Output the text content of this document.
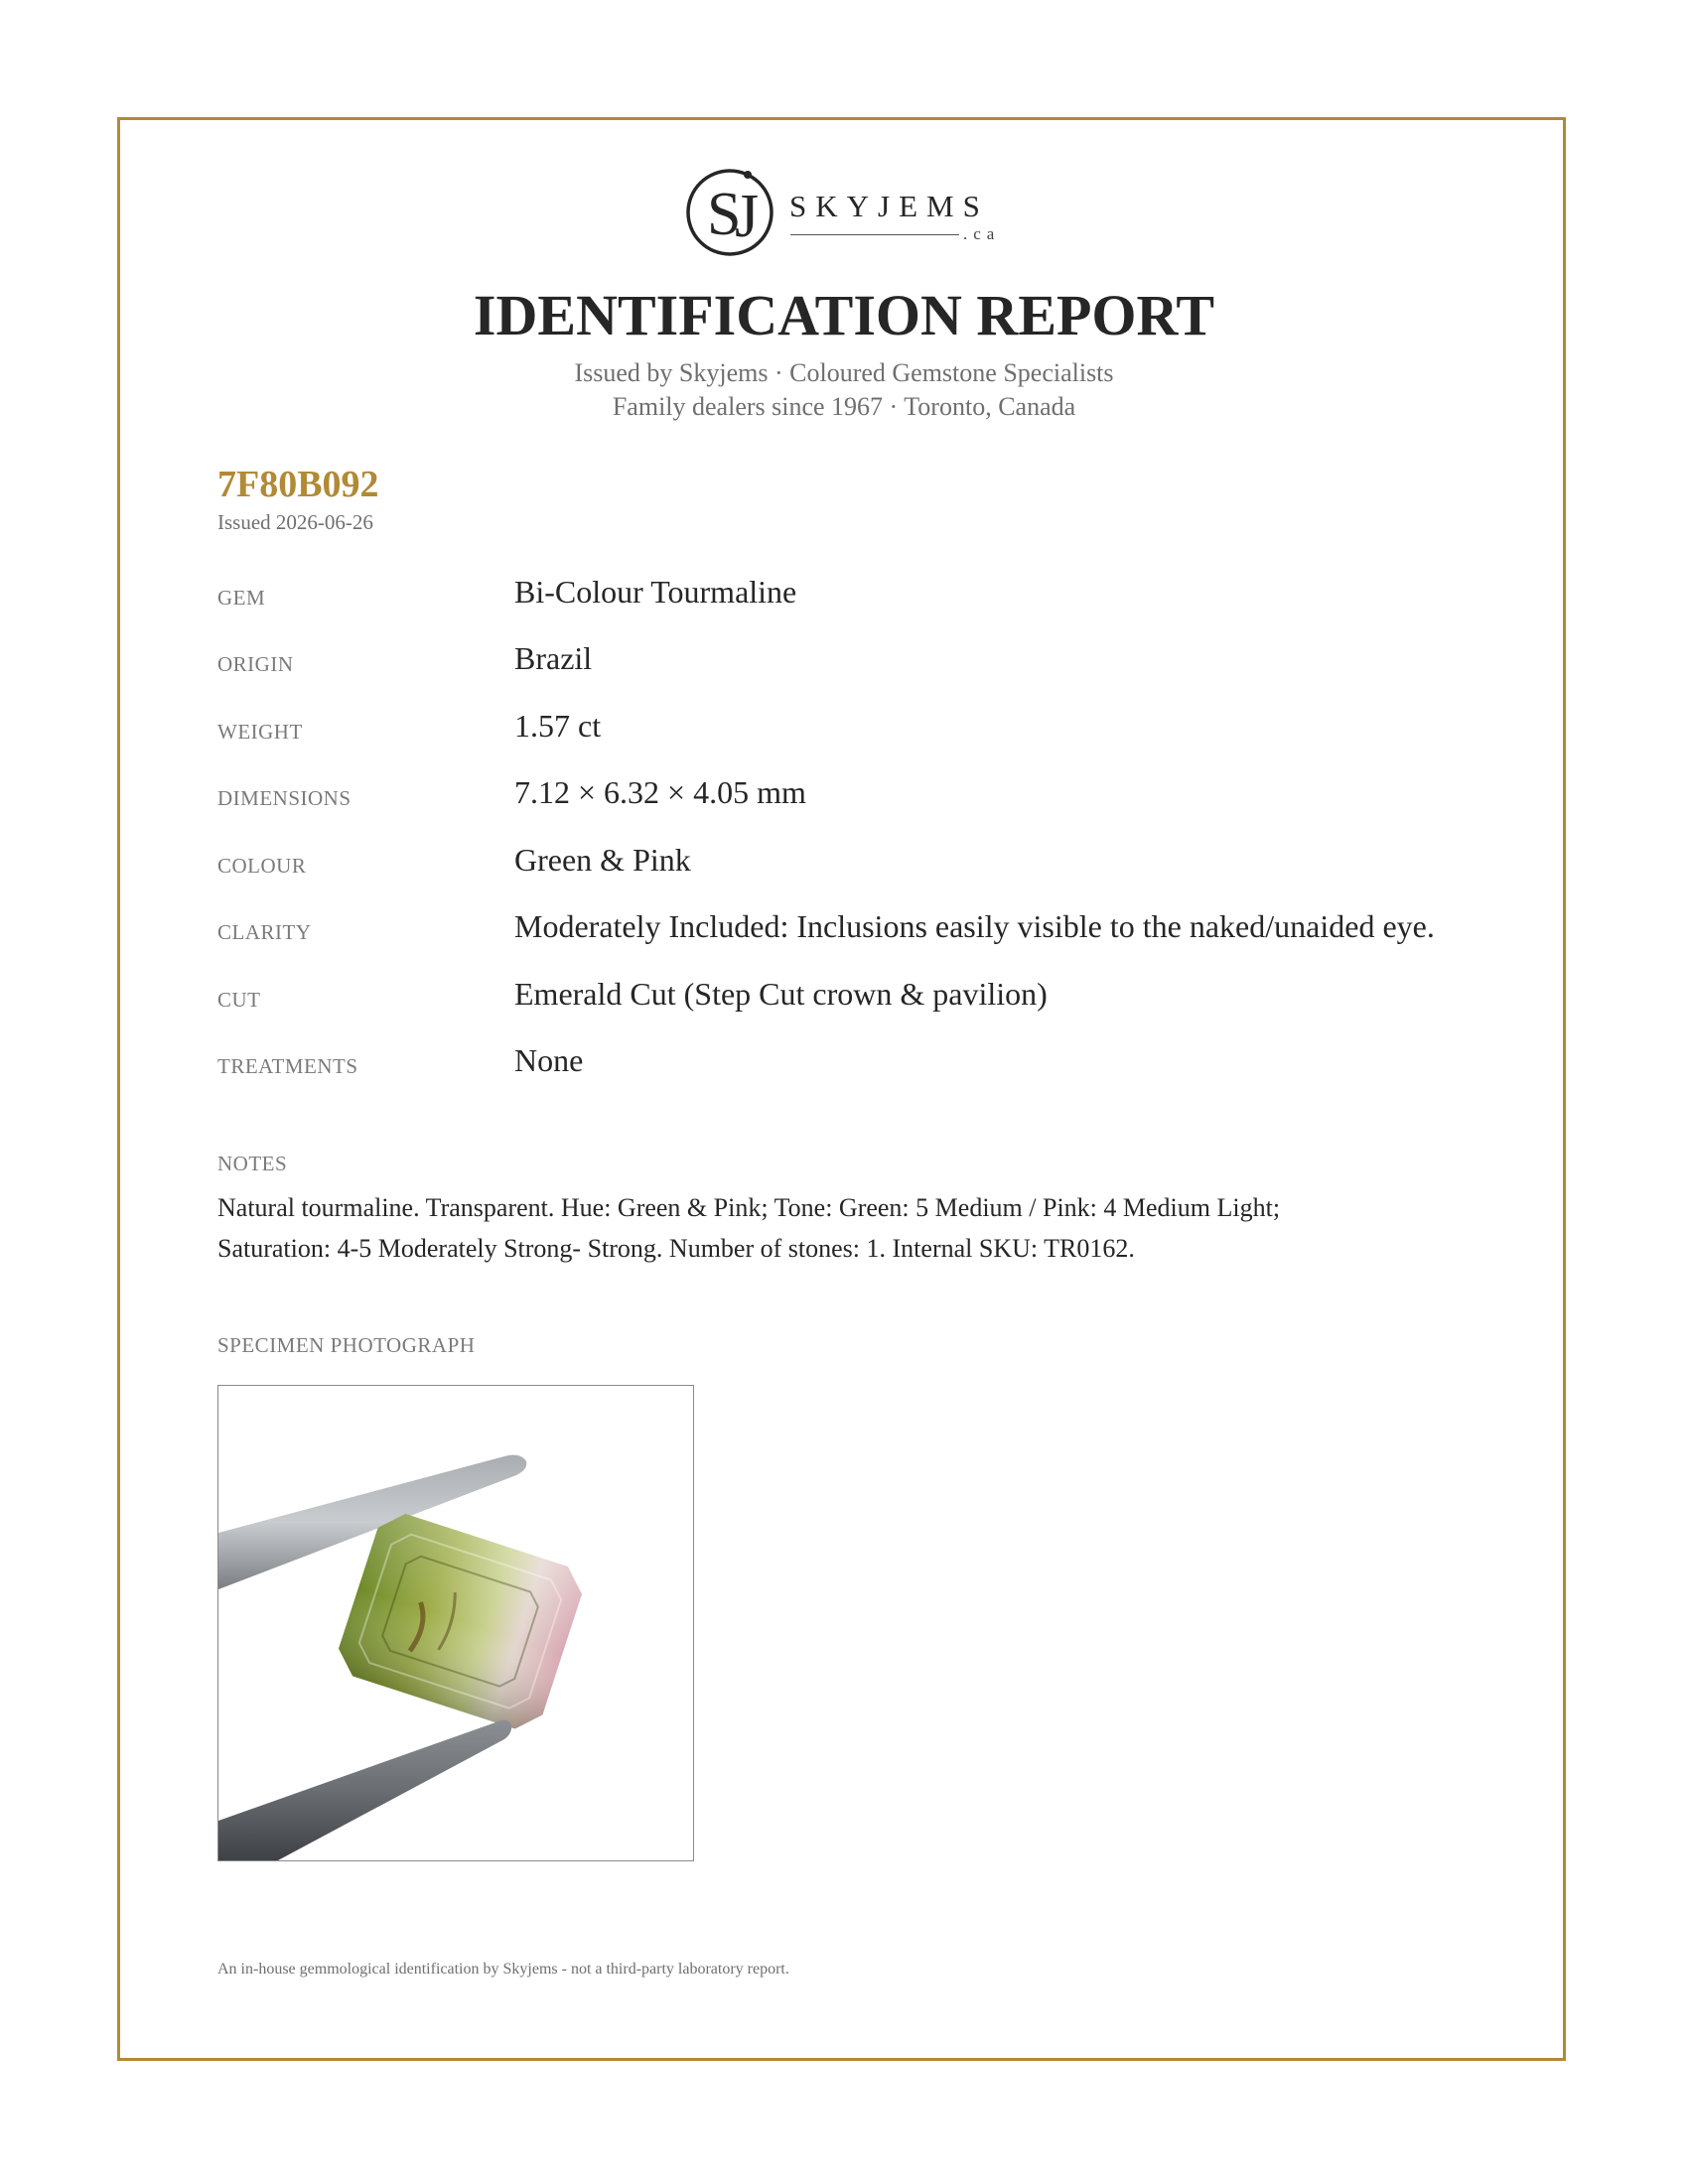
S
J SKYJEMS
.ca
IDENTIFICATION REPORT
Issued by Skyjems · Coloured Gemstone Specialists
Family dealers since 1967 · Toronto, Canada
7F80B092
Issued 2026-06-26
GEM	Bi-Colour Tourmaline
ORIGIN	Brazil
WEIGHT	1.57 ct
DIMENSIONS	7.12 × 6.32 × 4.05 mm
COLOUR	Green & Pink
CLARITY	Moderately Included: Inclusions easily visible to the naked/unaided eye.
CUT	Emerald Cut (Step Cut crown & pavilion)
TREATMENTS	None
NOTES
Natural tourmaline. Transparent. Hue: Green & Pink; Tone: Green: 5 Medium / Pink: 4 Medium Light;
Saturation: 4-5 Moderately Strong- Strong. Number of stones: 1. Internal SKU: TR0162.
SPECIMEN PHOTOGRAPH
An in-house gemmological identification by Skyjems - not a third-party laboratory report.
